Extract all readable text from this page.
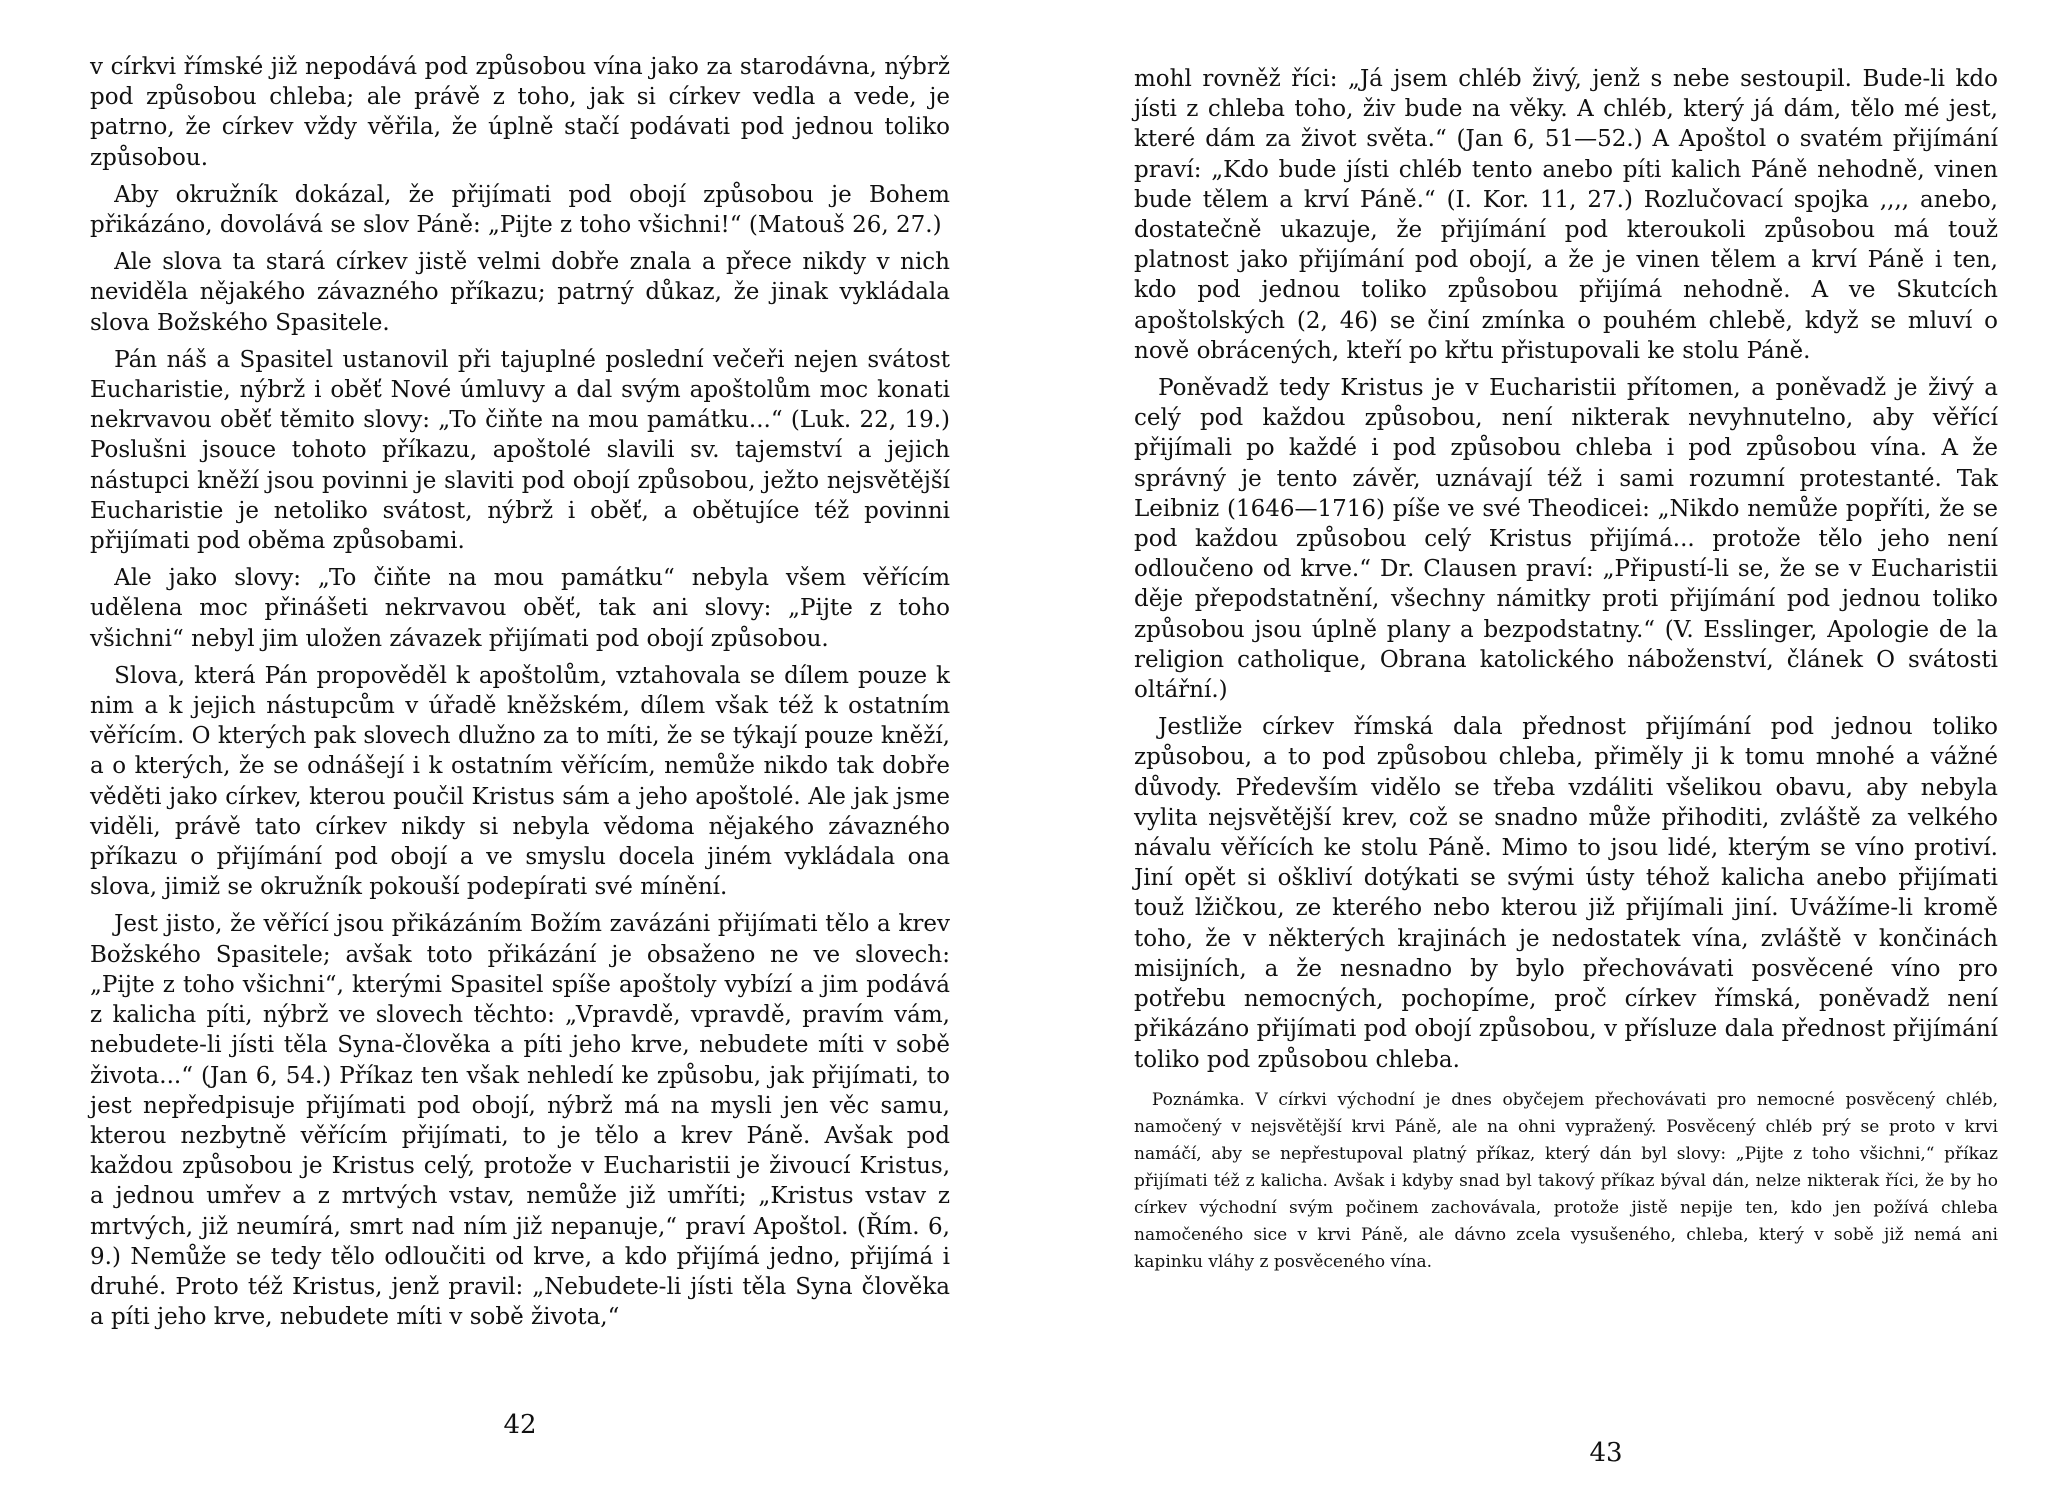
v církvi římské již nepodává pod způsobou vína jako za starodávna, nýbrž pod způsobou chleba; ale právě z toho, jak si církev vedla a vede, je patrno, že církev vždy věřila, že úplně stačí podávati pod jednou toliko způsobou.

Aby okružník dokázal, že přijímati pod obojí způsobou je Bohem přikázáno, dovolává se slov Páně: „Pijte z toho všichni!“ (Matouš 26, 27.)

Ale slova ta stará církev jistě velmi dobře znala a přece nikdy v nich neviděla nějakého závazného příkazu; patrný důkaz, že jinak vykládala slova Božského Spasitele.

Pán náš a Spasitel ustanovil při tajuplné poslední večeři nejen svátost Eucharistie, nýbrž i oběť Nové úmluvy a dal svým apoštolům moc konati nekrvavou oběť těmito slovy: „To čiňte na mou památku...“ (Luk. 22, 19.) Poslušni jsouce tohoto příkazu, apoštolé slavili sv. tajemství a jejich nástupci kněží jsou povinni je slaviti pod obojí způsobou, ježto nejsvětější Eucharistie je netoliko svátost, nýbrž i oběť, a obětujíce též povinni přijímati pod oběma způsobami.

Ale jako slovy: „To čiňte na mou památku“ nebyla všem věřícím udělena moc přinášeti nekrvavou oběť, tak ani slovy: „Pijte z toho všichni“ nebyl jim uložen závazek přijímati pod obojí způsobou.

Slova, která Pán propověděl k apoštolům, vztahovala se dílem pouze k nim a k jejich nástupcům v úřadě kněžském, dílem však též k ostatním věřícím. O kterých pak slovech dlužno za to míti, že se týkají pouze kněží, a o kterých, že se odnášejí i k ostatním věřícím, nemůže nikdo tak dobře věděti jako církev, kterou poučil Kristus sám a jeho apoštolé. Ale jak jsme viděli, právě tato církev nikdy si nebyla vědoma nějakého závazného příkazu o přijímání pod obojí a ve smyslu docela jiném vykládala ona slova, jimiž se okružník pokouší podepírati své mínění.

Jest jisto, že věřící jsou přikázáním Božím zavázáni přijímati tělo a krev Božského Spasitele; avšak toto přikázání je obsaženo ne ve slovech: „Pijte z toho všichni“, kterými Spasitel spíše apoštoly vybízí a jim podává z kalicha píti, nýbrž ve slovech těchto: „Vpravdě, vpravdě, pravím vám, nebudete-li jísti těla Syna-člověka a píti jeho krve, nebudete míti v sobě života...“ (Jan 6, 54.) Příkaz ten však nehledí ke způsobu, jak přijímati, to jest nepředpisuje přijímati pod obojí, nýbrž má na mysli jen věc samu, kterou nezbytně věřícím přijímati, to je tělo a krev Páně. Avšak pod každou způsobou je Kristus celý, protože v Eucharistii je živoucí Kristus, a jednou umřev a z mrtvých vstav, nemůže již umříti; „Kristus vstav z mrtvých, již neumírá, smrt nad ním již nepanuje,“ praví Apoštol. (Řím. 6, 9.) Nemůže se tedy tělo odloučiti od krve, a kdo přijímá jedno, přijímá i druhé. Proto též Kristus, jenž pravil: „Nebudete-li jísti těla Syna člověka a píti jeho krve, nebudete míti v sobě života,“

42

mohl rovněž říci: „Já jsem chléb živý, jenž s nebe sestoupil. Bude-li kdo jísti z chleba toho, živ bude na věky. A chléb, který já dám, tělo mé jest, které dám za život světa.“ (Jan 6, 51—52.) A Apoštol o svatém přijímání praví: „Kdo bude jísti chléb tento anebo píti kalich Páně nehodně, vinen bude tělem a krví Páně.“ (I. Kor. 11, 27.) Rozlučovací spojka ,,,, anebo, dostatečně ukazuje, že přijímání pod kteroukoli způsobou má touž platnost jako přijímání pod obojí, a že je vinen tělem a krví Páně i ten, kdo pod jednou toliko způsobou přijímá nehodně. A ve Skutcích apoštolských (2, 46) se činí zmínka o pouhém chlebě, když se mluví o nově obrácených, kteří po křtu přistupovali ke stolu Páně.

Poněvadž tedy Kristus je v Eucharistii přítomen, a poněvadž je živý a celý pod každou způsobou, není nikterak nevyhnutelno, aby věřící přijímali po každé i pod způsobou chleba i pod způsobou vína. A že správný je tento závěr, uznávají též i sami rozumní protestanté. Tak Leibniz (1646—1716) píše ve své Theodicei: „Nikdo nemůže popříti, že se pod každou způsobou celý Kristus přijímá... protože tělo jeho není odloučeno od krve.“ Dr. Clausen praví: „Připustí-li se, že se v Eucharistii děje přepodstatnění, všechny námitky proti přijímání pod jednou toliko způsobou jsou úplně plany a bezpodstatny.“ (V. Esslinger, Apologie de la religion catholique, Obrana katolického náboženství, článek O svátosti oltářní.)

Jestliže církev římská dala přednost přijímání pod jednou toliko způsobou, a to pod způsobou chleba, přiměly ji k tomu mnohé a vážné důvody. Především vidělo se třeba vzdáliti všelikou obavu, aby nebyla vylita nejsvětější krev, což se snadno může přihoditi, zvláště za velkého návalu věřících ke stolu Páně. Mimo to jsou lidé, kterým se víno protiví. Jiní opět si oškliví dotýkati se svými ústy téhož kalicha anebo přijímati touž lžičkou, ze kterého nebo kterou již přijímali jiní. Uvážíme-li kromě toho, že v některých krajinách je nedostatek vína, zvláště v končinách misijních, a že nesnadno by bylo přechovávati posvěcené víno pro potřebu nemocných, pochopíme, proč církev římská, poněvadž není přikázáno přijímati pod obojí způsobou, v přísluze dala přednost přijímání toliko pod způsobou chleba.

Poznámka. V církvi východní je dnes obyčejem přechovávati pro nemocné posvěcený chléb, namočený v nejsvětější krvi Páně, ale na ohni vypražený. Posvěcený chléb prý se proto v krvi namáčí, aby se nepřestupoval platný příkaz, který dán byl slovy: „Pijte z toho všichni,“ příkaz přijímati též z kalicha. Avšak i kdyby snad byl takový příkaz býval dán, nelze nikterak říci, že by ho církev východní svým počinem zachovávala, protože jistě nepije ten, kdo jen požívá chleba namočeného sice v krvi Páně, ale dávno zcela vysušeného, chleba, který v sobě již nemá ani kapinku vláhy z posvěceného vína.

43
